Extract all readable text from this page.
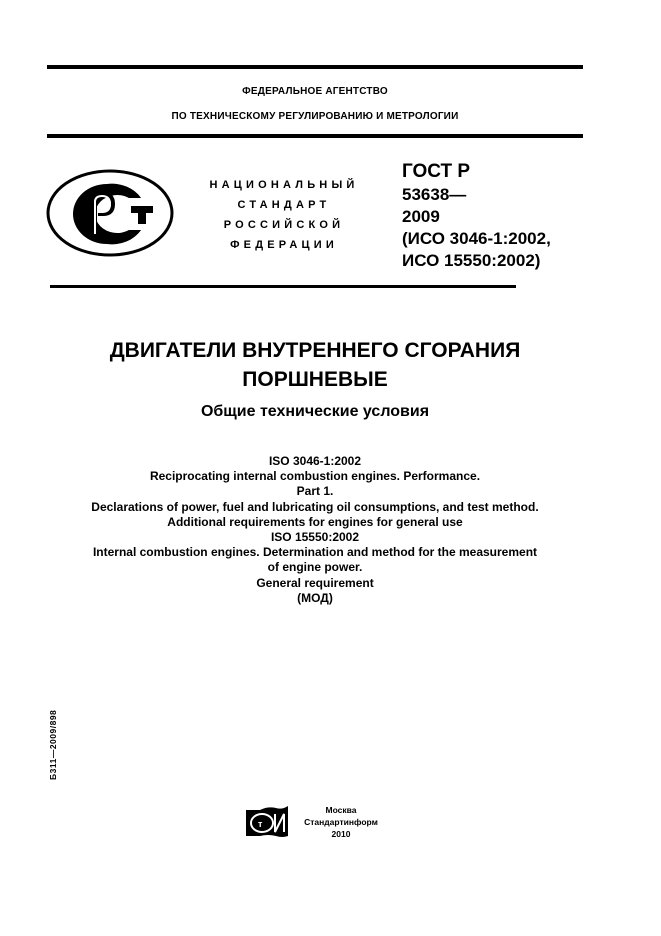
ФЕДЕРАЛЬНОЕ АГЕНТСТВО
ПО ТЕХНИЧЕСКОМУ РЕГУЛИРОВАНИЮ И МЕТРОЛОГИИ
НАЦИОНАЛЬНЫЙ
СТАНДАРТ
РОССИЙСКОЙ
ФЕДЕРАЦИИ
ГОСТ Р
53638—
2009
(ИСО 3046-1:2002,
ИСО 15550:2002)
ДВИГАТЕЛИ ВНУТРЕННЕГО СГОРАНИЯ
ПОРШНЕВЫЕ
Общие технические условия
ISO 3046-1:2002
Reciprocating internal combustion engines. Performance.
Part 1.
Declarations of power, fuel and lubricating oil consumptions, and test method.
Additional requirements for engines for general use
ISO 15550:2002
Internal combustion engines. Determination and method for the measurement
of engine power.
General requirement
(МОД)
Б311—2009/898
т
Москва
Стандартинформ
2010
